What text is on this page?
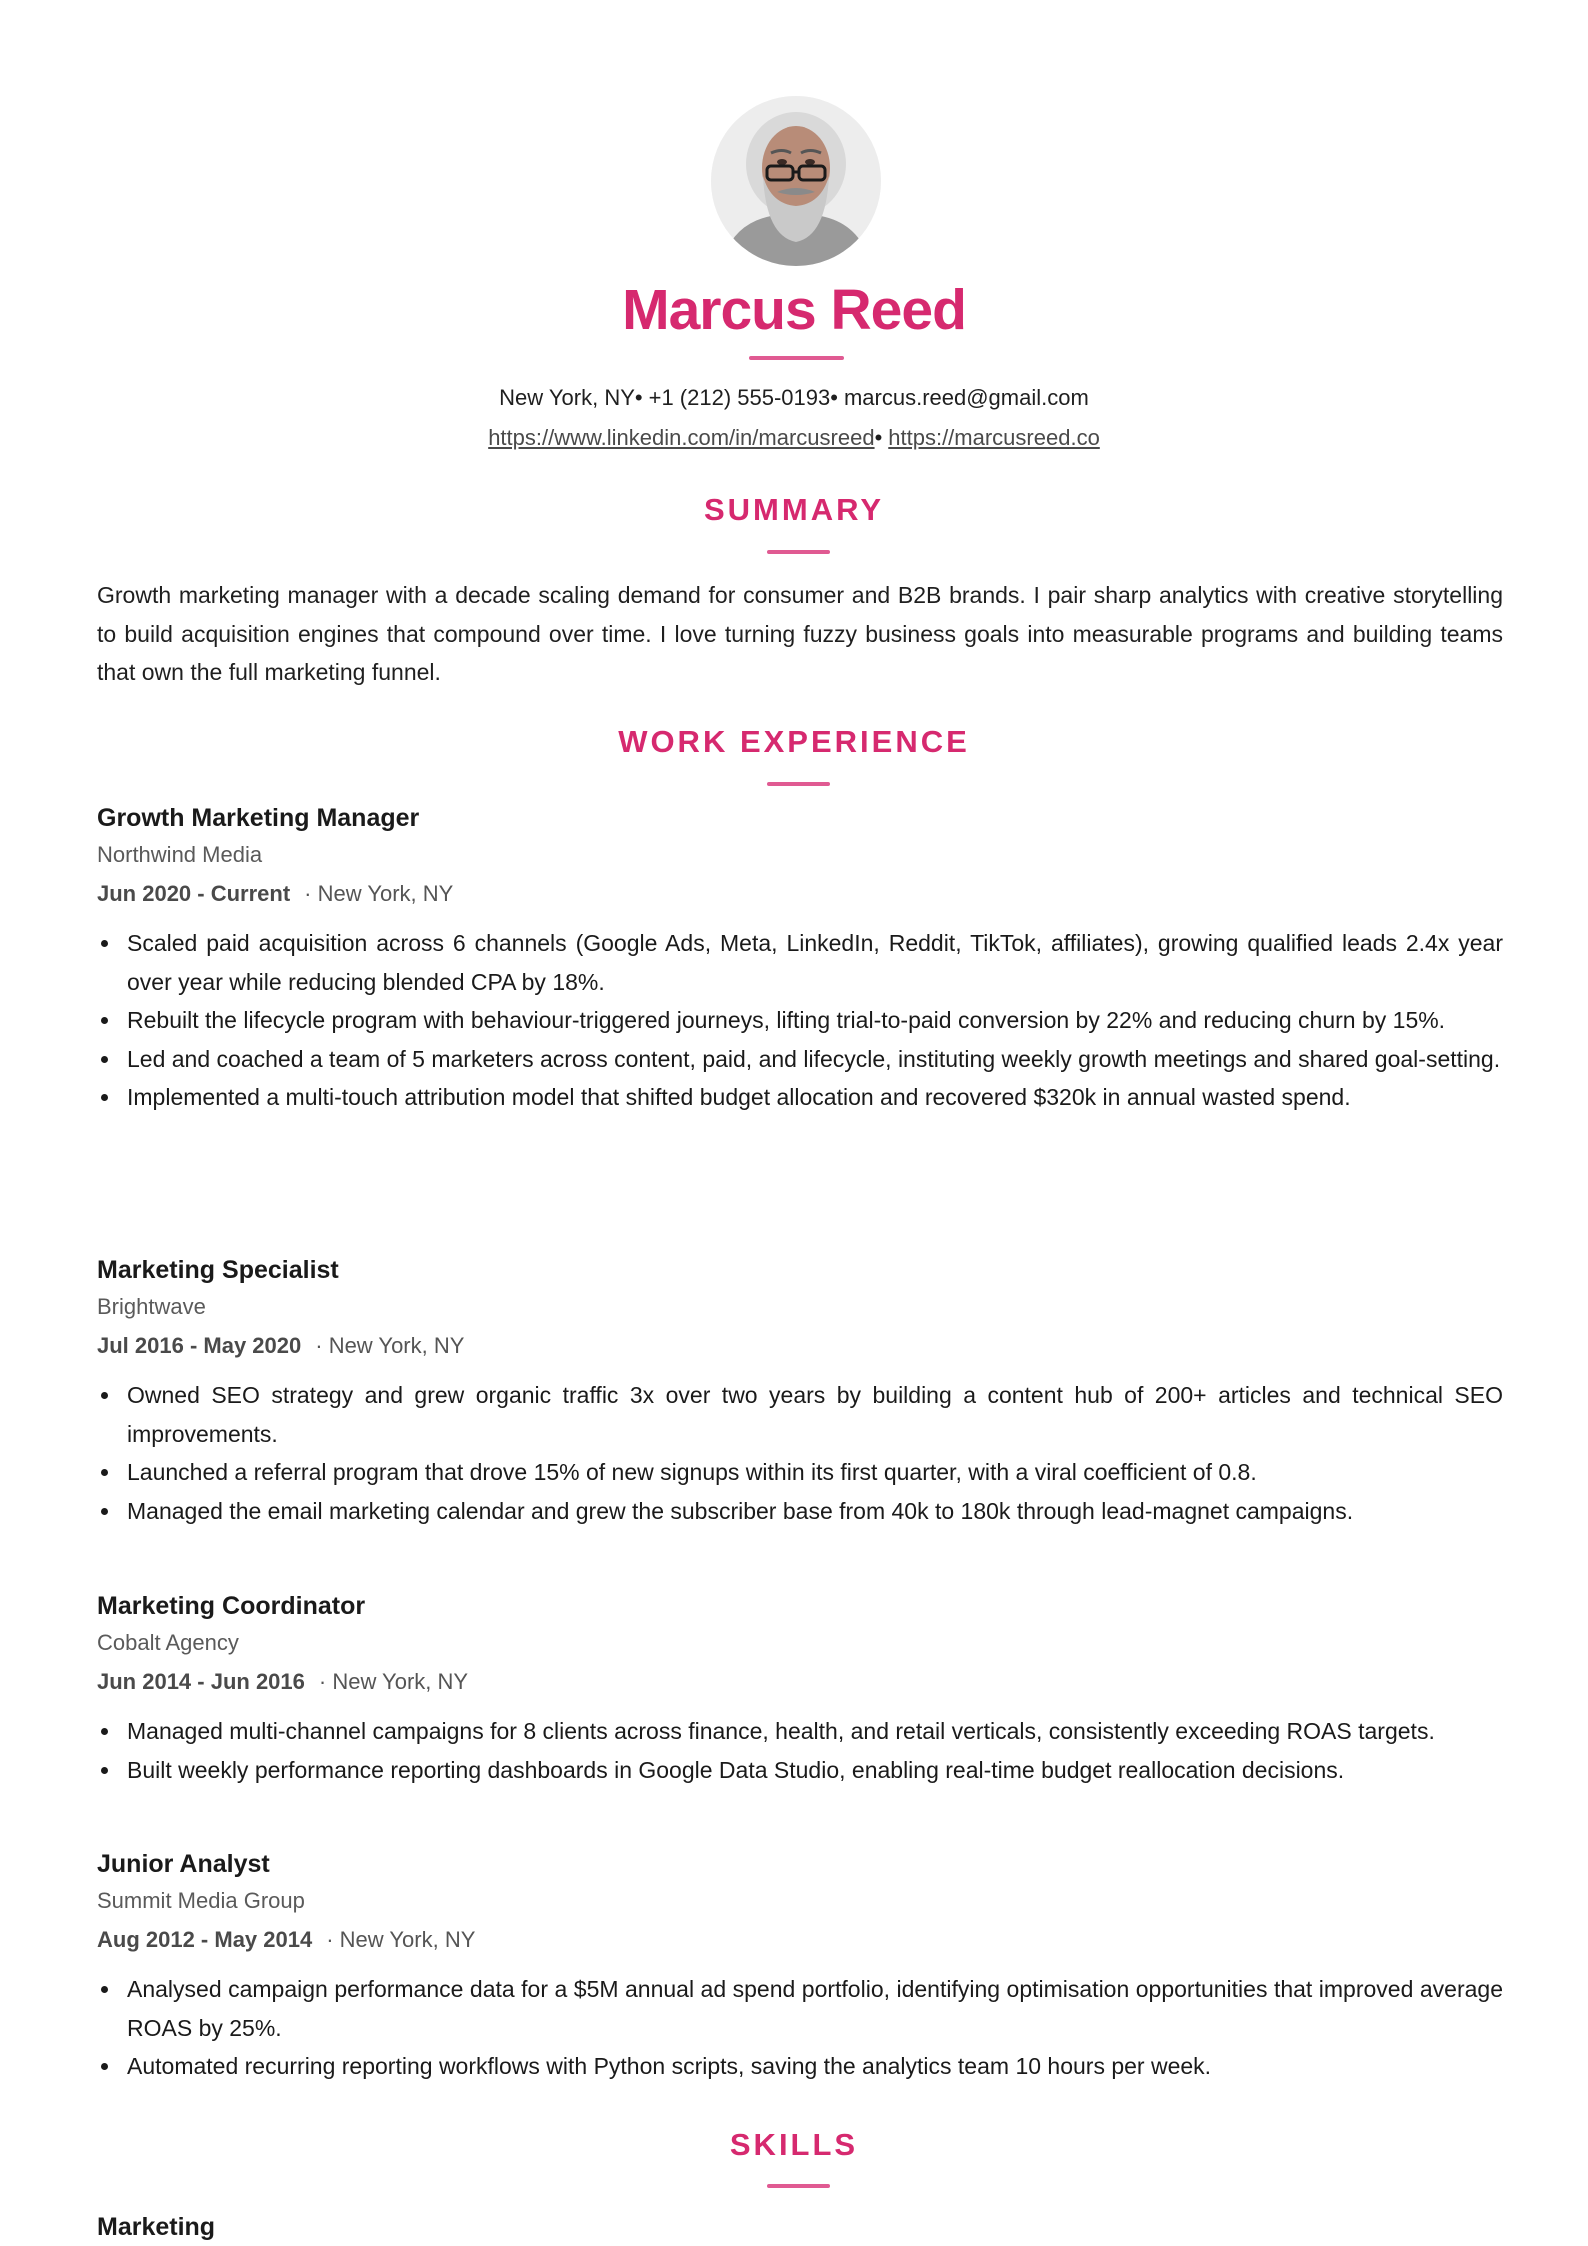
Marcus Reed
New York, NY• +1 (212) 555-0193• marcus.reed@gmail.com
https://www.linkedin.com/in/marcusreed• https://marcusreed.co
SUMMARY

Growth marketing manager with a decade scaling demand for consumer and B2B brands. I pair sharp analytics with creative storytelling to build acquisition engines that compound over time. I love turning fuzzy business goals into measurable programs and building teams that own the full marketing funnel.

WORK EXPERIENCE

Growth Marketing Manager

Northwind Media

Jun 2020 - Current · New York, NY

Scaled paid acquisition across 6 channels (Google Ads, Meta, LinkedIn, Reddit, TikTok, affiliates), growing qualified leads 2.4x year over year while reducing blended CPA by 18%.
Rebuilt the lifecycle program with behaviour-triggered journeys, lifting trial-to-paid conversion by 22% and reducing churn by 15%.
Led and coached a team of 5 marketers across content, paid, and lifecycle, instituting weekly growth meetings and shared goal-setting.
Implemented a multi-touch attribution model that shifted budget allocation and recovered $320k in annual wasted spend.

Marketing Specialist

Brightwave

Jul 2016 - May 2020 · New York, NY

Owned SEO strategy and grew organic traffic 3x over two years by building a content hub of 200+ articles and technical SEO improvements.
Launched a referral program that drove 15% of new signups within its first quarter, with a viral coefficient of 0.8.
Managed the email marketing calendar and grew the subscriber base from 40k to 180k through lead-magnet campaigns.

Marketing Coordinator

Cobalt Agency

Jun 2014 - Jun 2016 · New York, NY

Managed multi-channel campaigns for 8 clients across finance, health, and retail verticals, consistently exceeding ROAS targets.
Built weekly performance reporting dashboards in Google Data Studio, enabling real-time budget reallocation decisions.

Junior Analyst

Summit Media Group

Aug 2012 - May 2014 · New York, NY

Analysed campaign performance data for a $5M annual ad spend portfolio, identifying optimisation opportunities that improved average ROAS by 25%.
Automated recurring reporting workflows with Python scripts, saving the analytics team 10 hours per week.
SKILLS

Marketing
